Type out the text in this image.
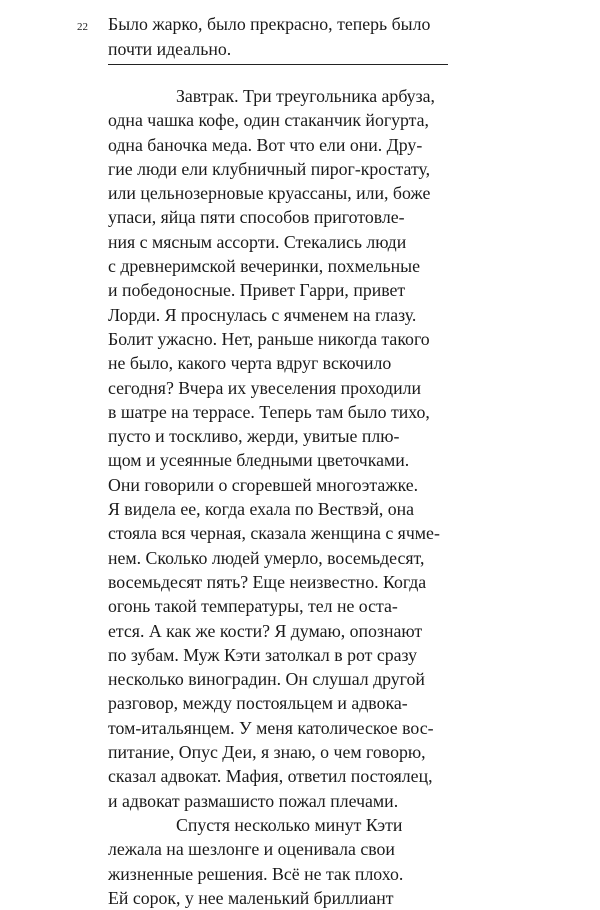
22 Было жарко, было прекрасно, теперь было
почти идеально.
Завтрак. Три треугольника арбуза,
одна чашка кофе, один стаканчик йогурта,
одна баночка меда. Вот что ели они. Дру-
гие люди ели клубничный пирог-кростату,
или цельнозерновые круассаны, или, боже
упаси, яйца пяти способов приготовле-
ния с мясным ассорти. Стекались люди
с древнеримской вечеринки, похмельные
и победоносные. Привет Гарри, привет
Лорди. Я проснулась с ячменем на глазу.
Болит ужасно. Нет, раньше никогда такого
не было, какого черта вдруг вскочило
сегодня? Вчера их увеселения проходили
в шатре на террасе. Теперь там было тихо,
пусто и тоскливо, жерди, увитые плю-
щом и усеянные бледными цветочками.
Они говорили о сгоревшей многоэтажке.
Я видела ее, когда ехала по Веcтвэй, она
стояла вся черная, сказала женщина с ячме-
нем. Сколько людей умерло, восемьдесят,
восемьдесят пять? Еще неизвестно. Когда
огонь такой температуры, тел не оста-
ется. А как же кости? Я думаю, опознают
по зубам. Муж Кэти затолкал в рот сразу
несколько виноградин. Он слушал другой
разговор, между постояльцем и адвока-
том-итальянцем. У меня католическое вос-
питание, Опус Деи, я знаю, о чем говорю,
сказал адвокат. Мафия, ответил постоялец,
и адвокат размашисто пожал плечами.
Спустя несколько минут Кэти
лежала на шезлонге и оценивала свои
жизненные решения. Всё не так плохо.
Ей сорок, у нее маленький бриллиант
